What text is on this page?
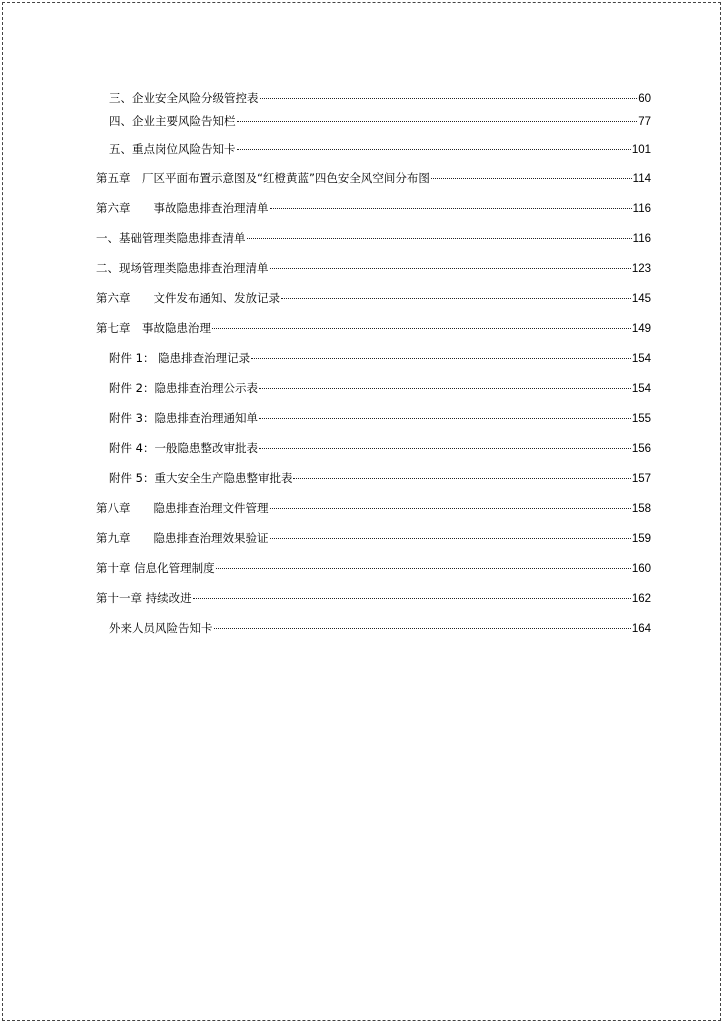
三、企业安全风险分级管控表	60
四、企业主要风险告知栏	77
五、重点岗位风险告知卡	101
第五章　厂区平面布置示意图及“红橙黄蓝”四色安全风空间分布图	114
第六章　　事故隐患排查治理清单	116
一、基础管理类隐患排查清单	116
二、现场管理类隐患排查治理清单	123
第六章　　文件发布通知、发放记录	145
第七章　事故隐患治理	149
附件 1： 隐患排查治理记录	154
附件 2：隐患排查治理公示表	154
附件 3：隐患排查治理通知单	155
附件 4：一般隐患整改审批表	156
附件 5：重大安全生产隐患整审批表	157
第八章　　隐患排查治理文件管理	158
第九章　　隐患排查治理效果验证	159
第十章 信息化管理制度	160
第十一章 持续改进	162
外来人员风险告知卡	164
